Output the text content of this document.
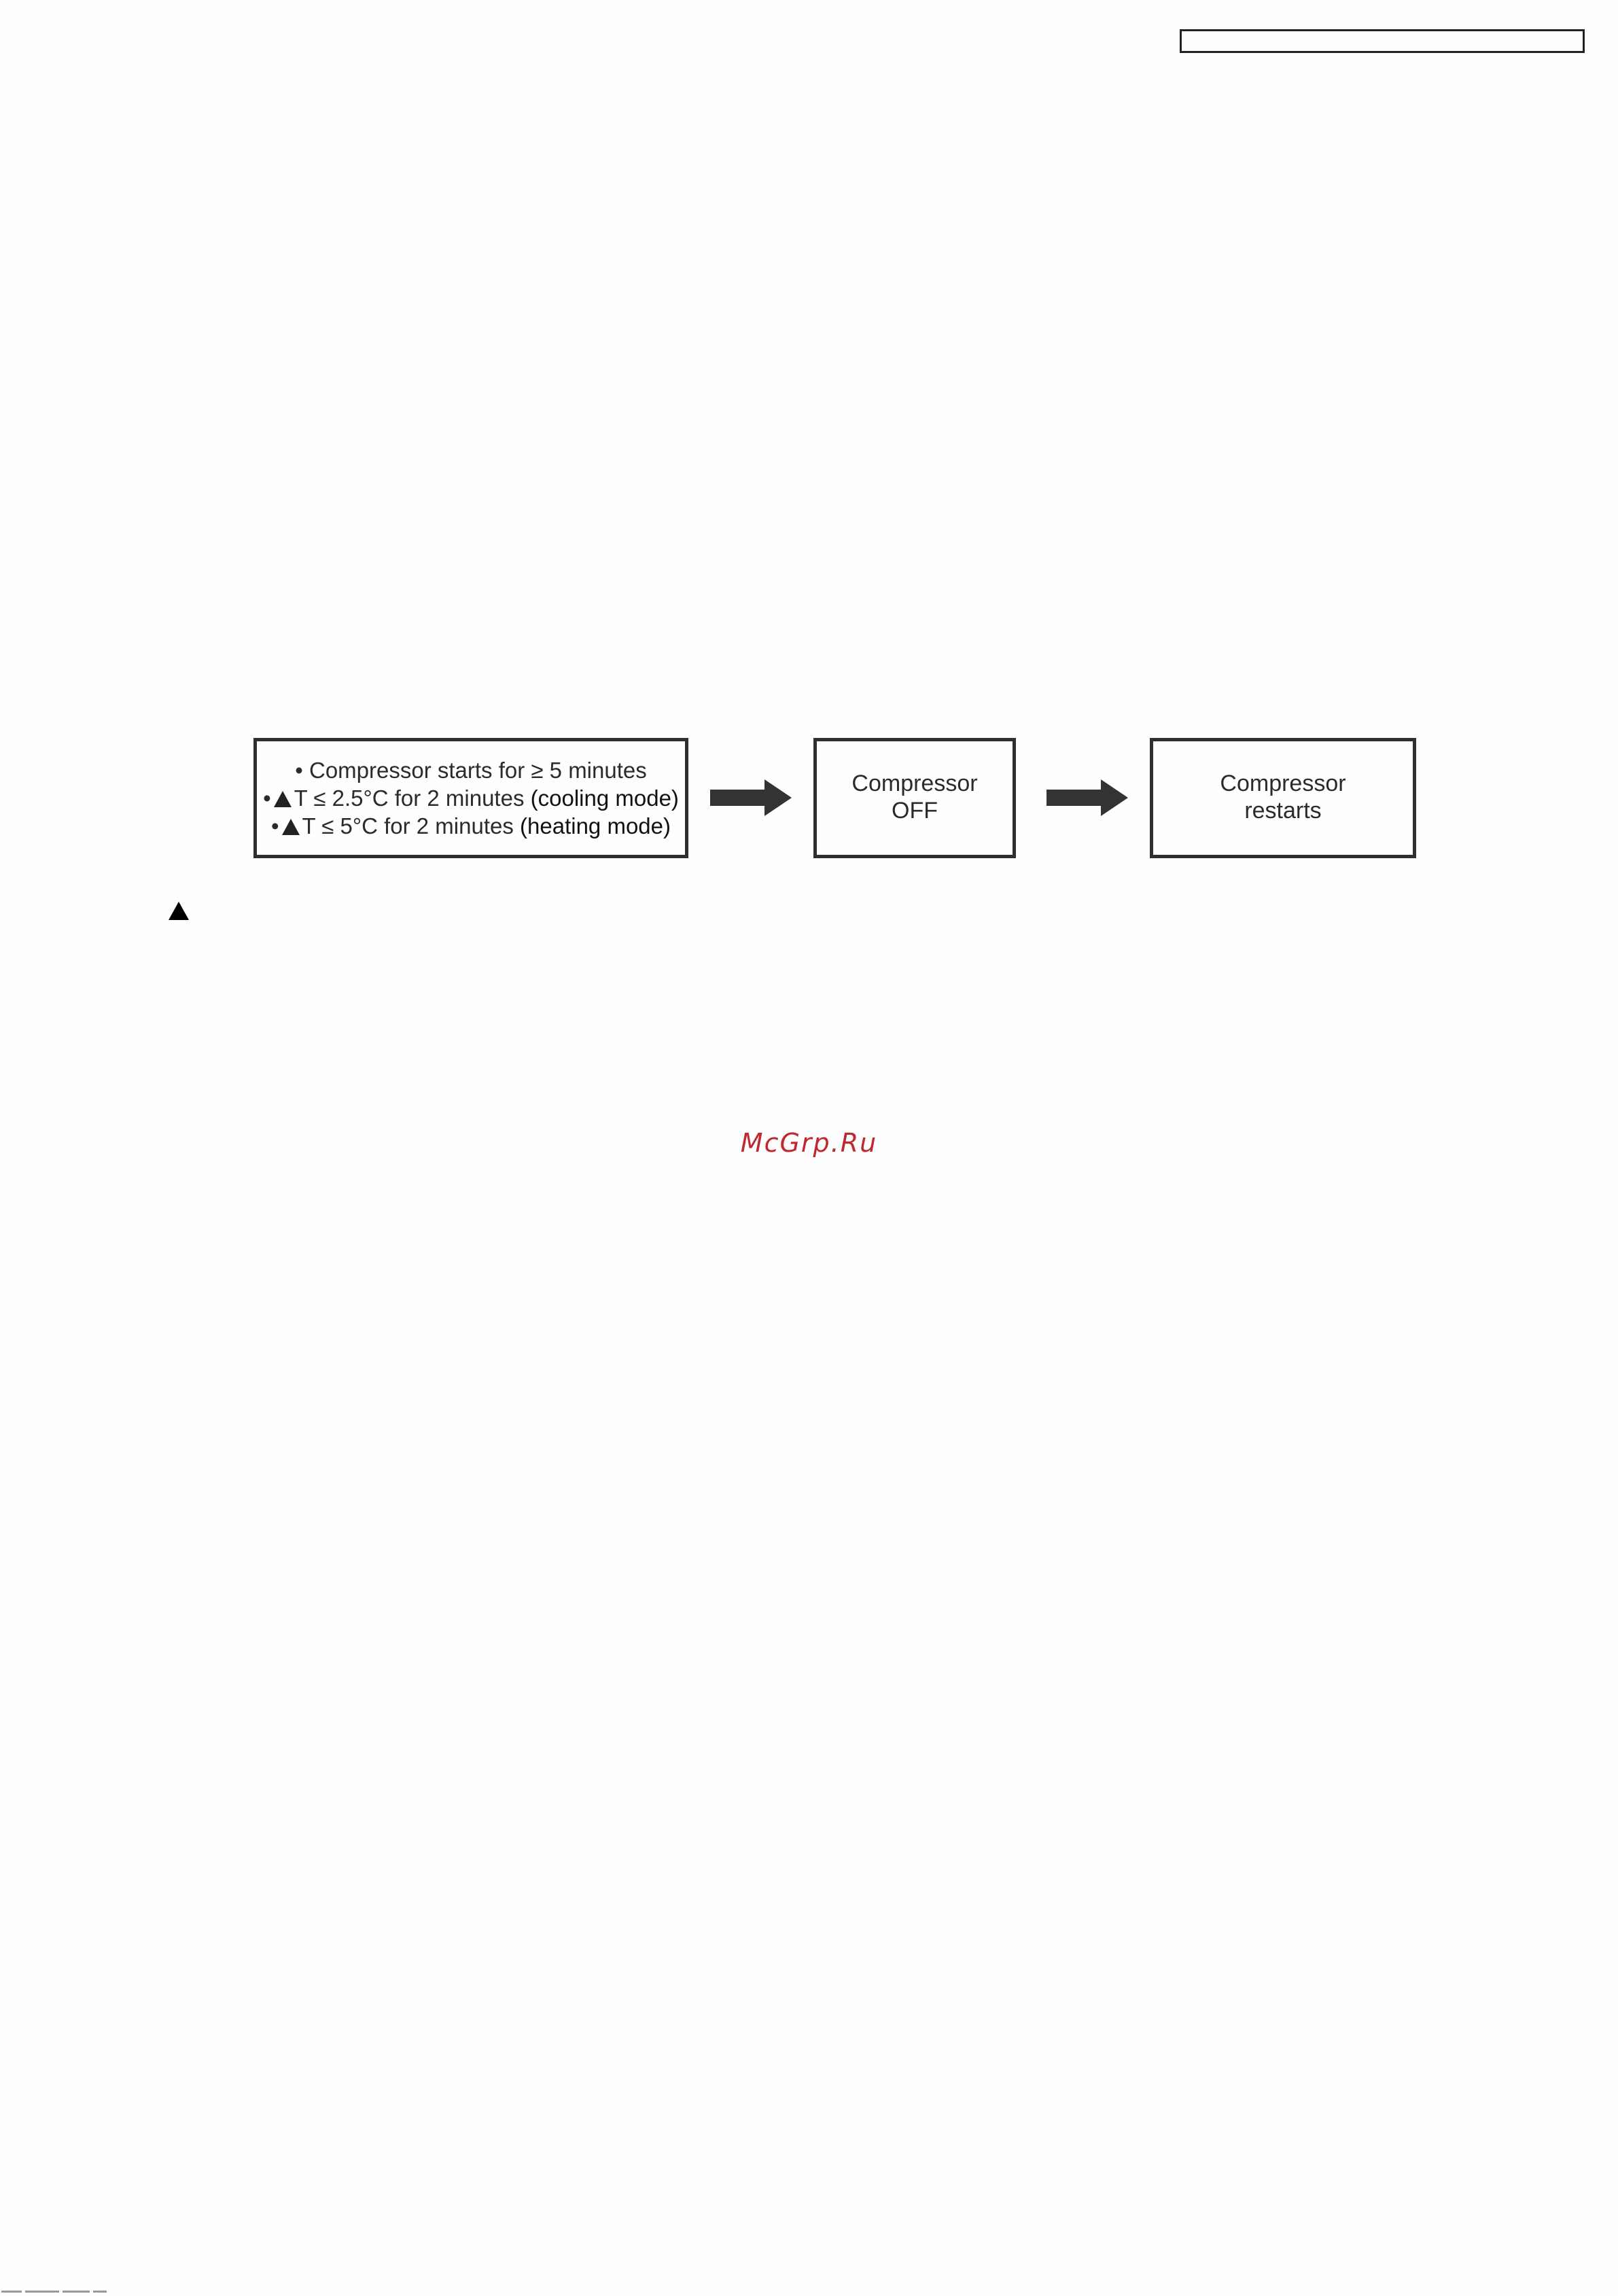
• Compressor starts for ≥ 5 minutes
• T ≤ 2.5°C for 2 minutes (cooling mode)
• T ≤ 5°C for 2 minutes (heating mode)
Compressor
OFF
Compressor
restarts
McGrp.Ru
